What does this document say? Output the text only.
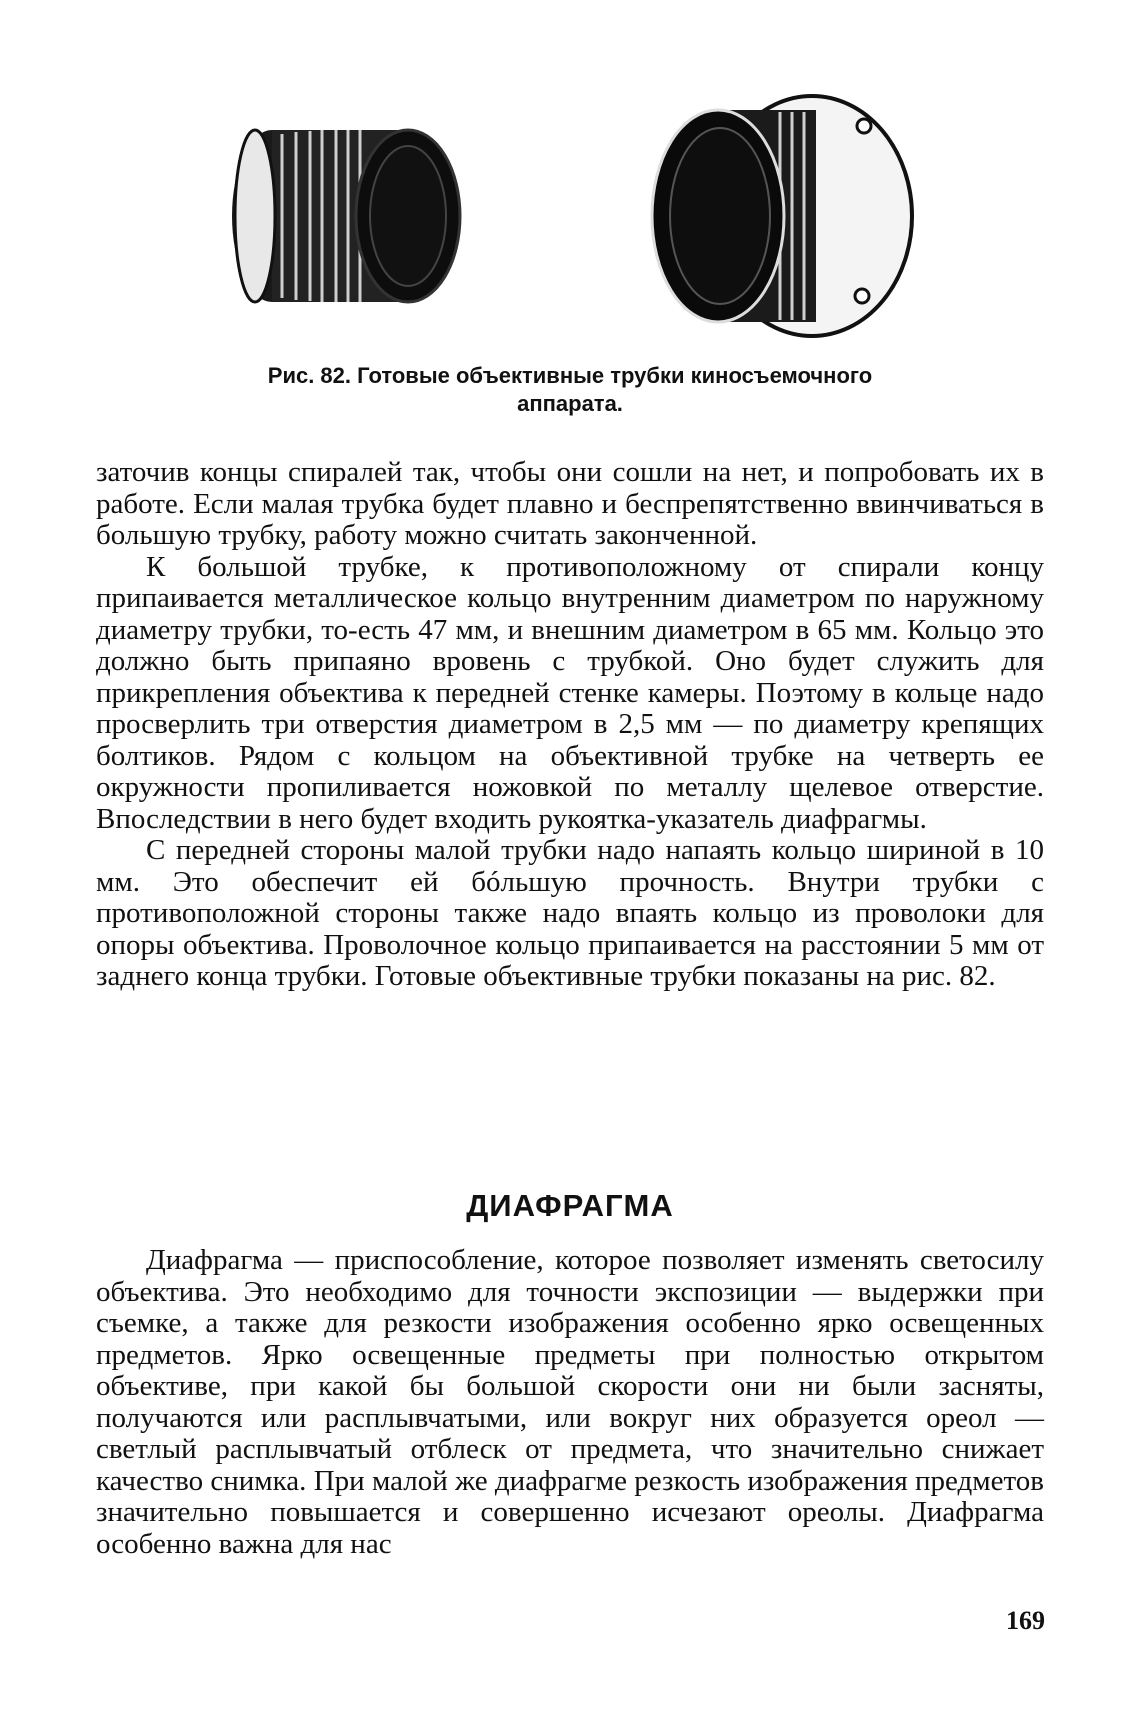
Рис. 82. Готовые объективные трубки киносъемочного
аппарата.

заточив концы спиралей так, чтобы они сошли на нет, и попробовать их в работе. Если малая трубка будет плавно и беспрепятственно ввинчиваться в большую трубку, работу можно считать законченной.

К большой трубке, к противоположному от спирали концу припаивается металлическое кольцо внутренним диаметром по наружному диаметру трубки, то-есть 47 мм, и внешним диаметром в 65 мм. Кольцо это должно быть припаяно вровень с трубкой. Оно будет служить для прикрепления объектива к передней стенке камеры. Поэтому в кольце надо просверлить три отверстия диаметром в 2,5 мм — по диаметру крепящих болтиков. Рядом с кольцом на объективной трубке на четверть ее окружности пропиливается ножовкой по металлу щелевое отверстие. Впоследствии в него будет входить рукоятка-указатель диафрагмы.

С передней стороны малой трубки надо напаять кольцо шириной в 10 мм. Это обеспечит ей бóльшую прочность. Внутри трубки с противоположной стороны также надо впаять кольцо из проволоки для опоры объектива. Проволочное кольцо припаивается на расстоянии 5 мм от заднего конца трубки. Готовые объективные трубки показаны на рис. 82.

ДИАФРАГМА

Диафрагма — приспособление, которое позволяет изменять светосилу объектива. Это необходимо для точности экспозиции — выдержки при съемке, а также для резкости изображения особенно ярко освещенных предметов. Ярко освещенные предметы при полностью открытом объективе, при какой бы большой скорости они ни были засняты, получаются или расплывчатыми, или вокруг них образуется ореол — светлый расплывчатый отблеск от предмета, что значительно снижает качество снимка. При малой же диафрагме резкость изображения предметов значительно повышается и совершенно исчезают ореолы. Диафрагма особенно важна для нас

169
